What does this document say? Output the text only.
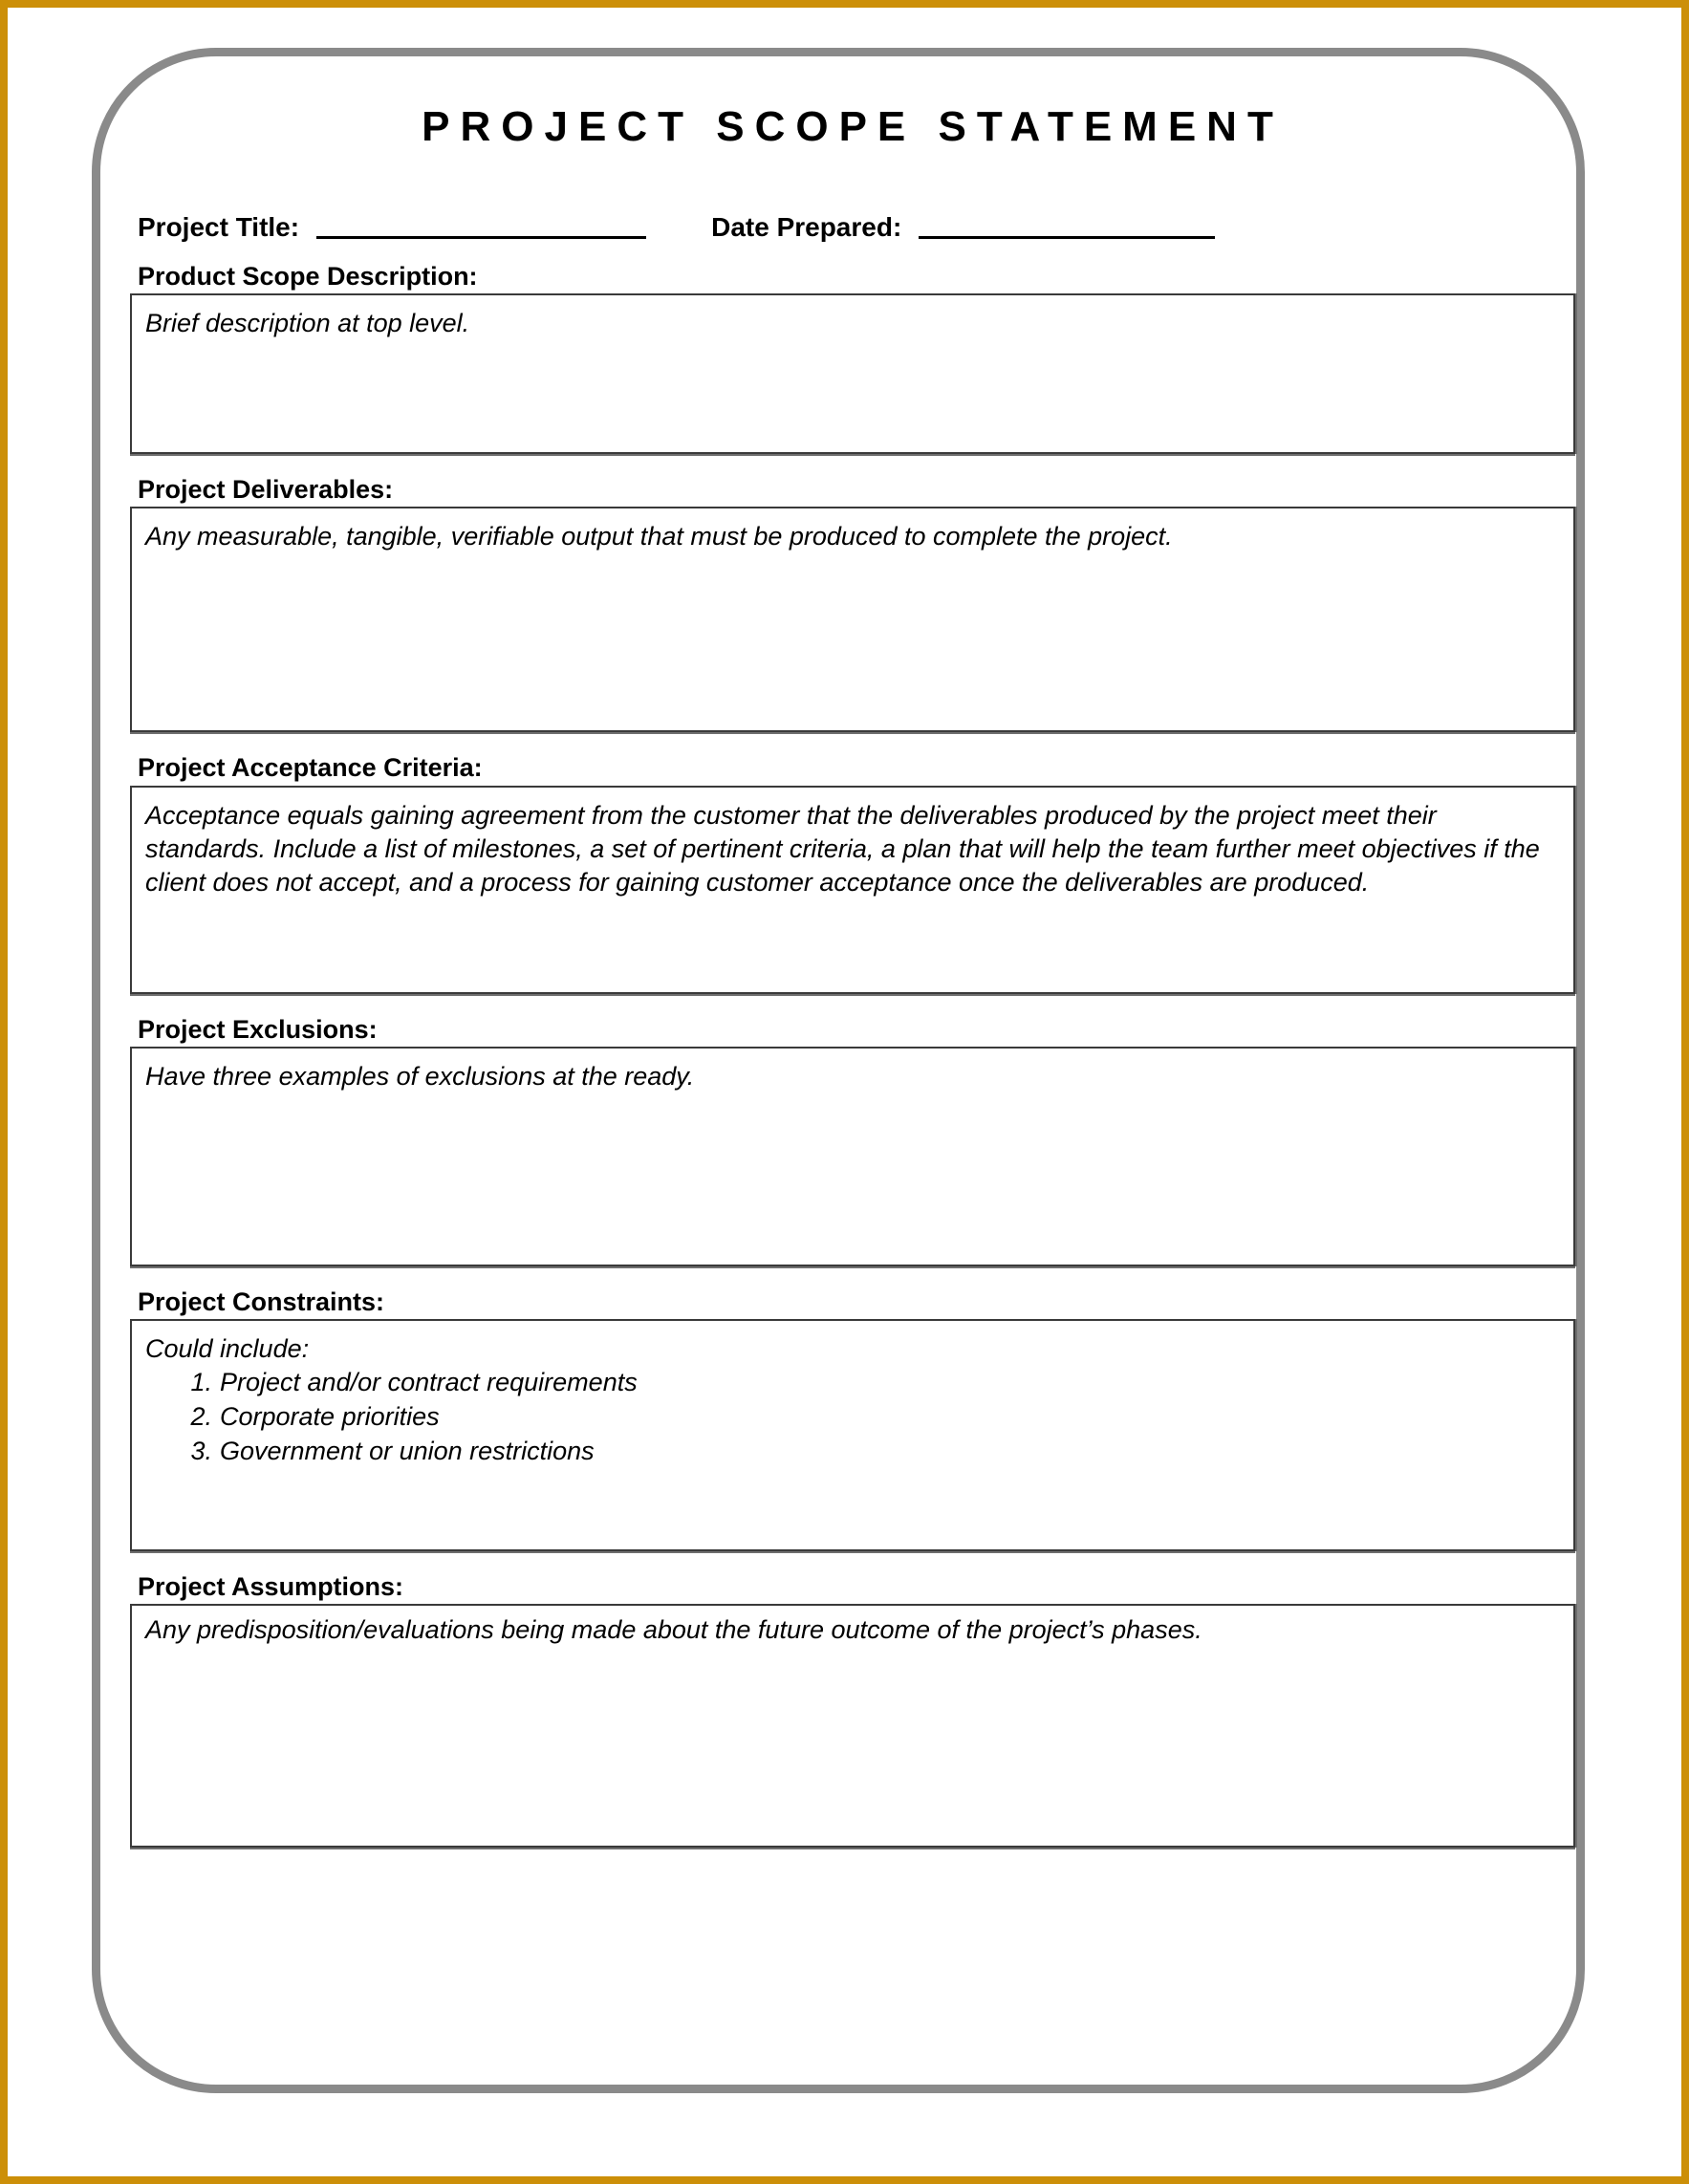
PROJECT SCOPE STATEMENT
Project Title:	Date Prepared:
Product Scope Description:

Brief description at top level.

Project Deliverables:

Any measurable, tangible, verifiable output that must be produced to complete the project.

Project Acceptance Criteria:

Acceptance equals gaining agreement from the customer that the deliverables produced by the project meet their standards. Include a list of milestones, a set of pertinent criteria, a plan that will help the team further meet objectives if the client does not accept, and a process for gaining customer acceptance once the deliverables are produced.

Project Exclusions:

Have three examples of exclusions at the ready.

Project Constraints:

Could include:

1. Project and/or contract requirements
2. Corporate priorities
3. Government or union restrictions
Project Assumptions:

Any predisposition/evaluations being made about the future outcome of the project’s phases.
